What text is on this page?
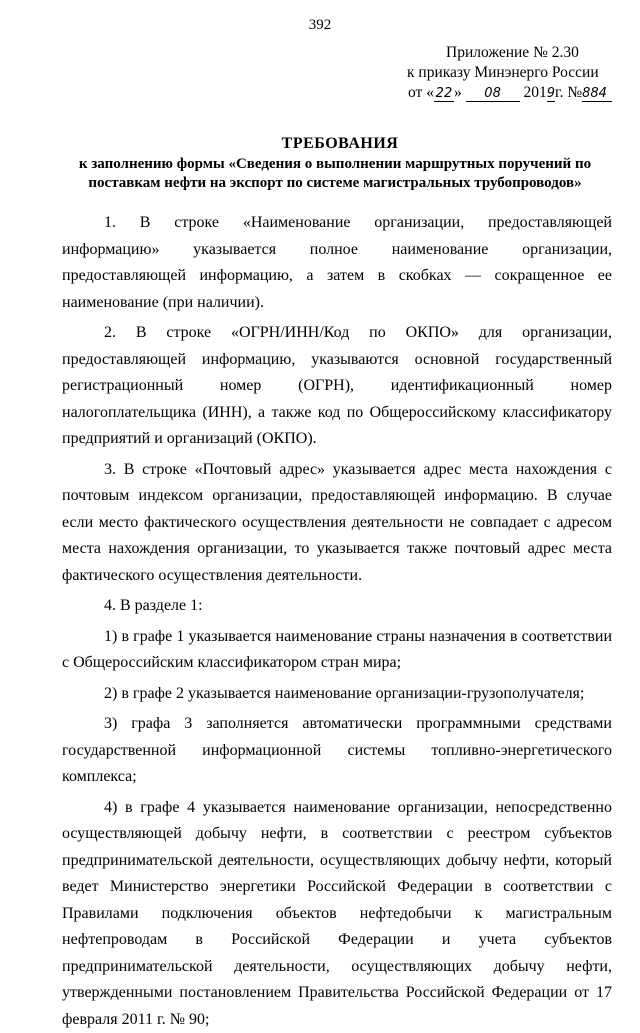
392
Приложение № 2.30
к приказу Минэнерго России
от « 22 » 08 2019г. №884
ТРЕБОВАНИЯ
к заполнению формы «Сведения о выполнении маршрутных поручений по поставкам нефти на экспорт по системе магистральных трубопроводов»

1. В строке «Наименование организации, предоставляющей информацию» указывается полное наименование организации, предоставляющей информацию, а затем в скобках — сокращенное ее наименование (при наличии).

2. В строке «ОГРН/ИНН/Код по ОКПО» для организации, предоставляющей информацию, указываются основной государственный регистрационный номер (ОГРН), идентификационный номер налогоплательщика (ИНН), а также код по Общероссийскому классификатору предприятий и организаций (ОКПО).

3. В строке «Почтовый адрес» указывается адрес места нахождения с почтовым индексом организации, предоставляющей информацию. В случае если место фактического осуществления деятельности не совпадает с адресом места нахождения организации, то указывается также почтовый адрес места фактического осуществления деятельности.

4. В разделе 1:

1) в графе 1 указывается наименование страны назначения в соответствии с Общероссийским классификатором стран мира;

2) в графе 2 указывается наименование организации-грузополучателя;

3) графа 3 заполняется автоматически программными средствами государственной информационной системы топливно-энергетического комплекса;

4) в графе 4 указывается наименование организации, непосредственно осуществляющей добычу нефти, в соответствии с реестром субъектов предпринимательской деятельности, осуществляющих добычу нефти, который ведет Министерство энергетики Российской Федерации в соответствии с Правилами подключения объектов нефтедобычи к магистральным нефтепроводам в Российской Федерации и учета субъектов предпринимательской деятельности, осуществляющих добычу нефти, утвержденными постановлением Правительства Российской Федерации от 17 февраля 2011 г. № 90;
